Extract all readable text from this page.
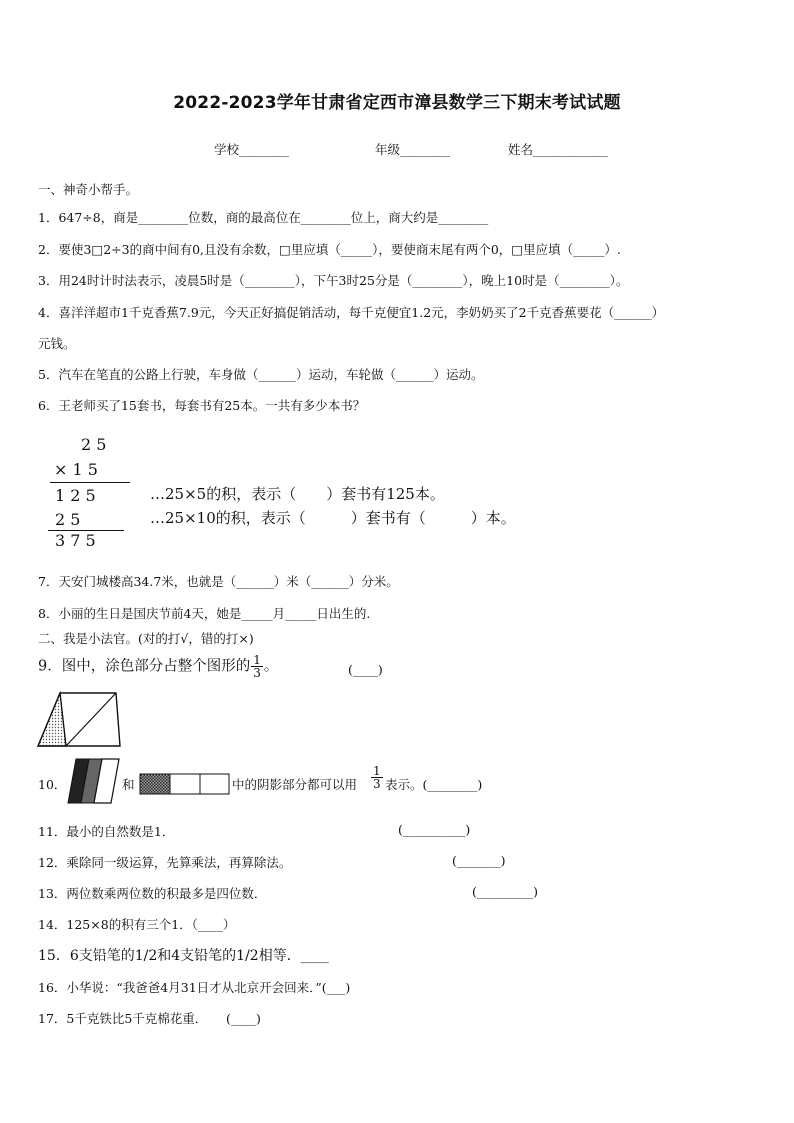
2022-2023学年甘肃省定西市漳县数学三下期末考试试题
学校________	年级________	姓名____________
一、神奇小帮手。
1．647÷8，商是________位数，商的最高位在________位上，商大约是________
2．要使3□2÷3的商中间有0,且没有余数，□里应填（_____），要使商末尾有两个0，□里应填（_____）.
3．用24时计时法表示，凌晨5时是（________），下午3时25分是（________），晚上10时是（________）。
4．喜洋洋超市1千克香蕉7.9元，今天正好搞促销活动，每千克便宜1.2元，李奶奶买了2千克香蕉要花（______）
元钱。
5．汽车在笔直的公路上行驶，车身做（______）运动，车轮做（______）运动。
6．王老师买了15套书，每套书有25本。一共有多少本书？
2 5
× 1 5
1 2 5
2 5
3 7 5
…25×5的积，表示（　　）套书有125本。
…25×10的积，表示（　　　）套书有（　　　）本。
7．天安门城楼高34.7米，也就是（______）米（______）分米。
8．小丽的生日是国庆节前4天，她是_____月_____日出生的.
二、我是小法官。(对的打√，错的打×)
9．图中，涂色部分占整个图形的 $\frac{1}{3}$ 。	(____)
10．	和	中的阴影部分都可以用 $\frac{1}{3}$ 表示。(________)
11．最小的自然数是1．	(__________)
12．乘除同一级运算，先算乘法，再算除法。	(_______)
13．两位数乘两位数的积最多是四位数．	(_________)
14．125×8的积有三个1．（____）
15．6支铅笔的1/2和4支铅笔的1/2相等．____
16．小华说：“我爸爸4月31日才从北京开会回来．”(___)
17．5千克铁比5千克棉花重．　　(____)
